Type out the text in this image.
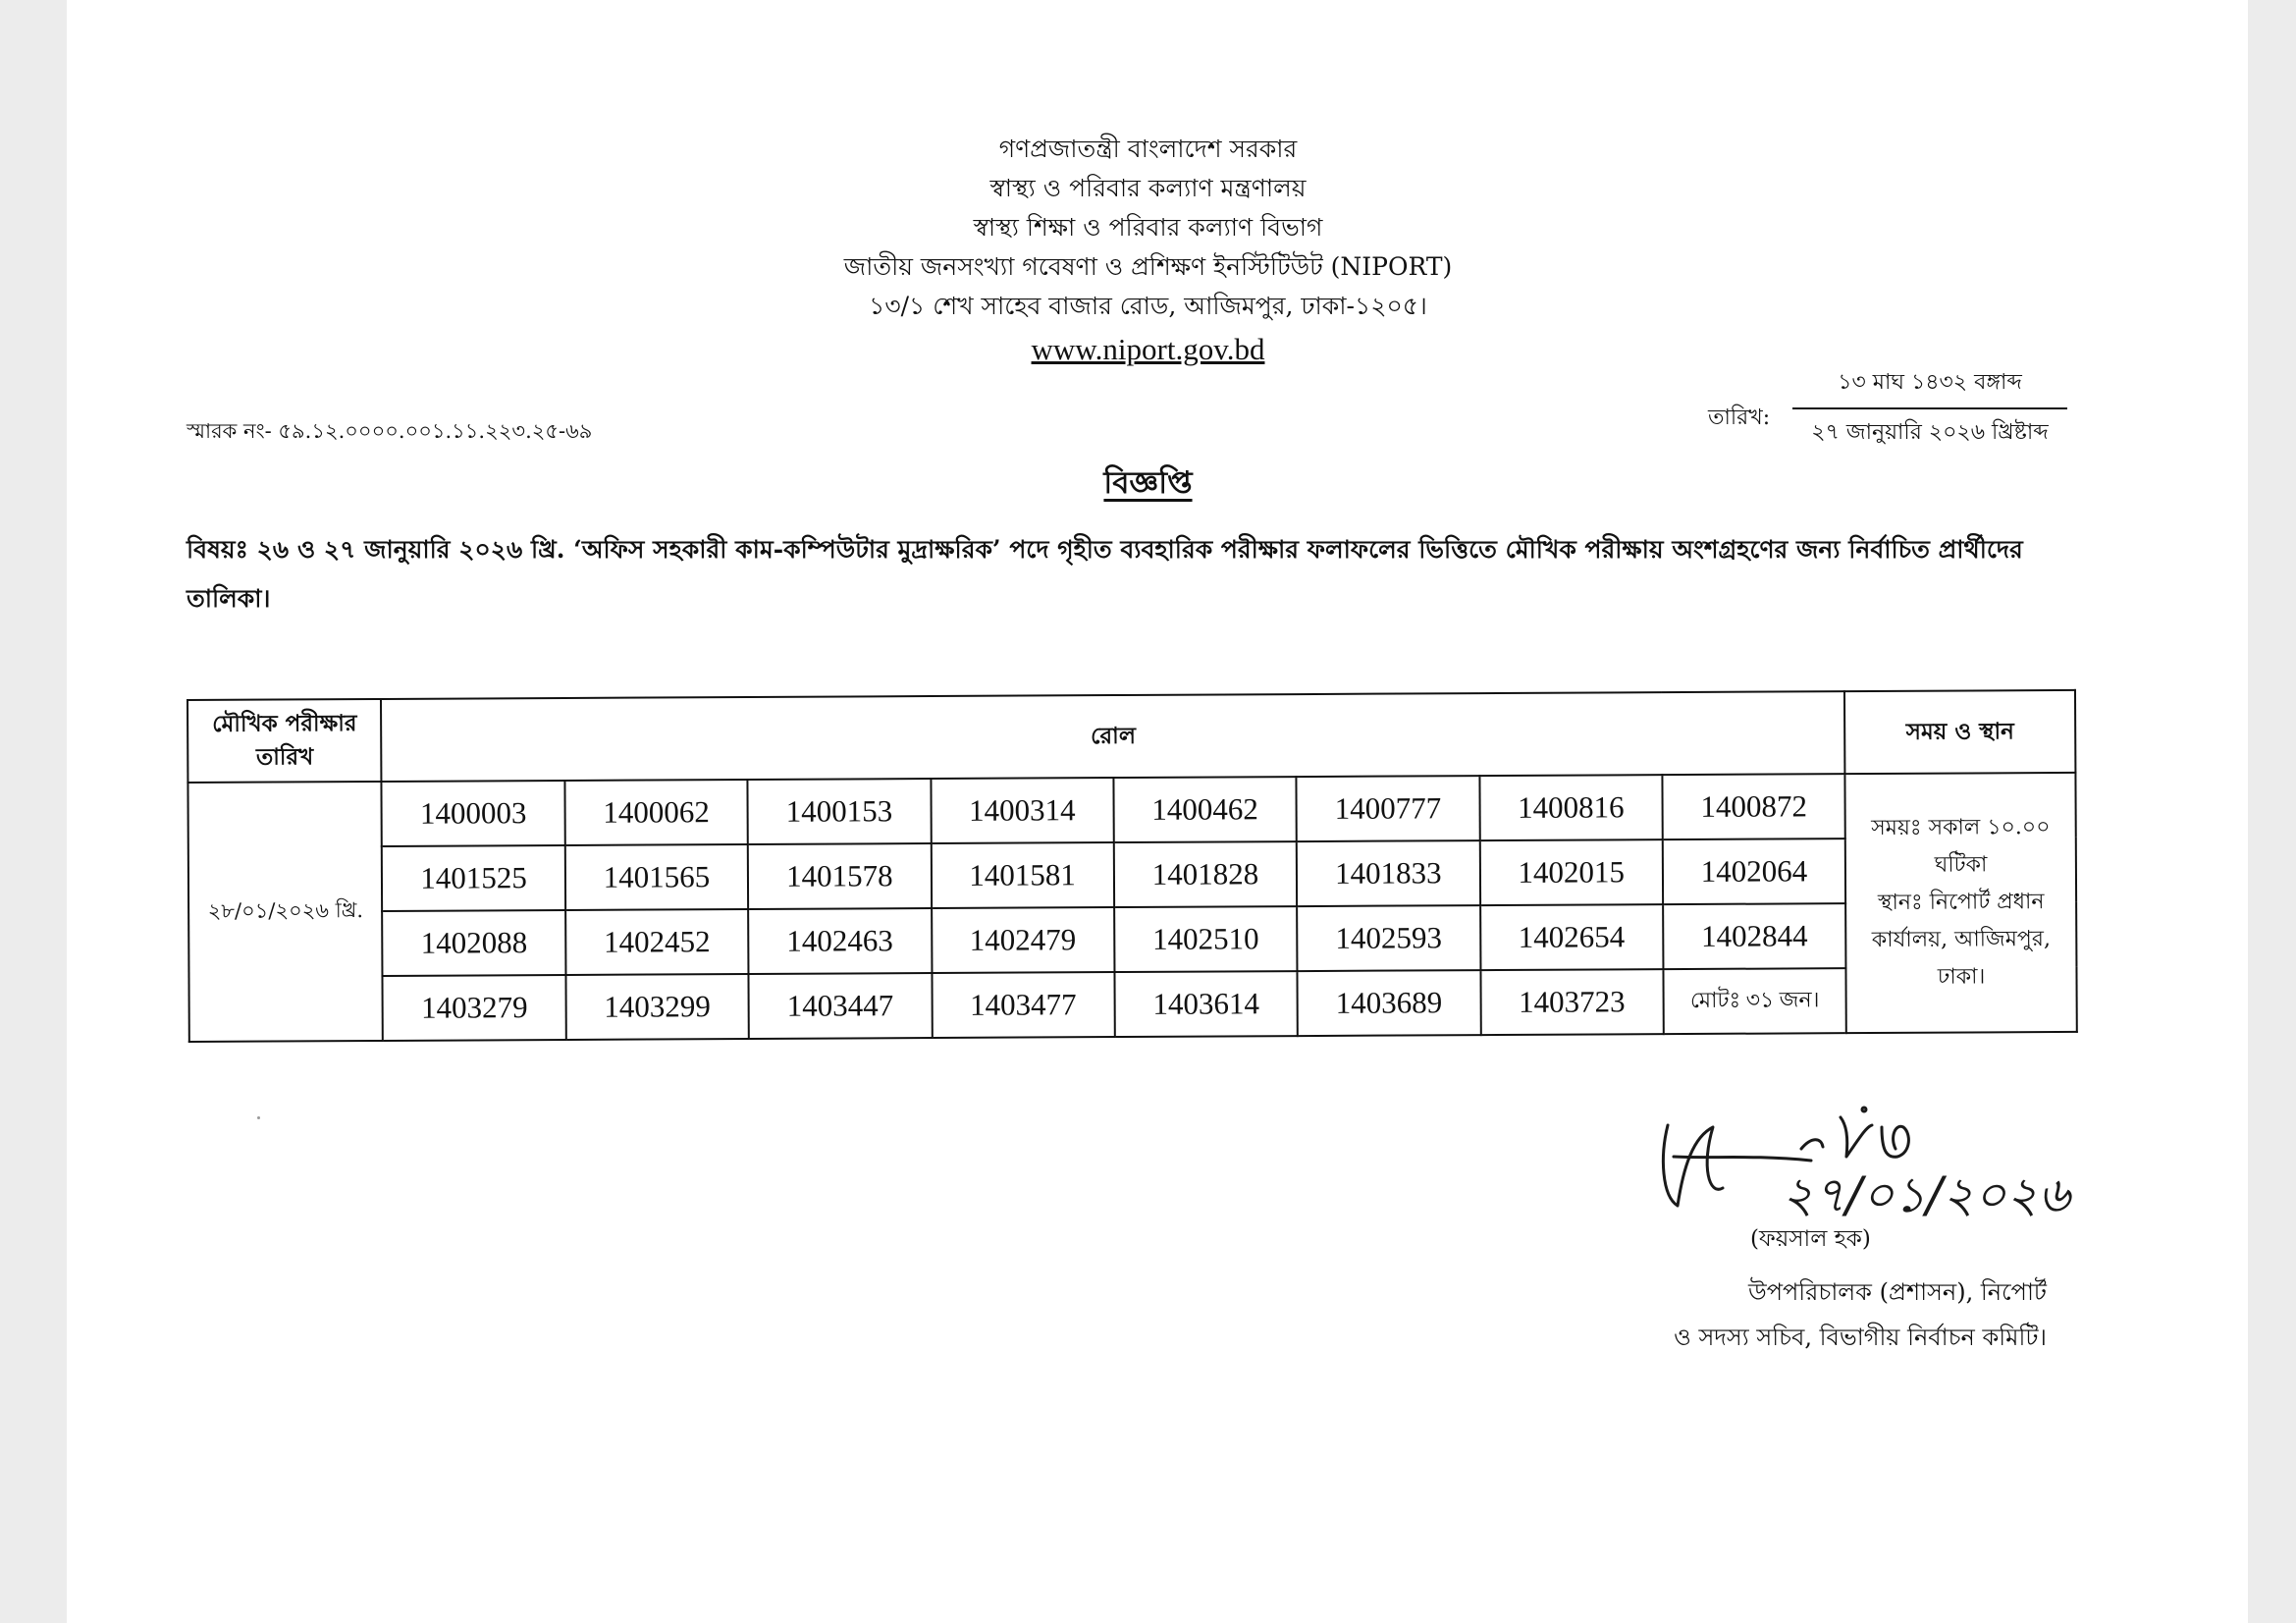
গণপ্রজাতন্ত্রী বাংলাদেশ সরকার
স্বাস্থ্য ও পরিবার কল্যাণ মন্ত্রণালয়
স্বাস্থ্য শিক্ষা ও পরিবার কল্যাণ বিভাগ
জাতীয় জনসংখ্যা গবেষণা ও প্রশিক্ষণ ইনস্টিটিউট (NIPORT)
১৩/১ শেখ সাহেব বাজার রোড, আজিমপুর, ঢাকা-১২০৫।
www.niport.gov.bd
স্মারক নং- ৫৯.১২.০০০০.০০১.১১.২২৩.২৫-৬৯
তারিখ:
১৩ মাঘ ১৪৩২ বঙ্গাব্দ
২৭ জানুয়ারি ২০২৬ খ্রিষ্টাব্দ
বিজ্ঞপ্তি
বিষয়ঃ ২৬ ও ২৭ জানুয়ারি ২০২৬ খ্রি. ‘অফিস সহকারী কাম-কম্পিউটার মুদ্রাক্ষরিক’ পদে গৃহীত ব্যবহারিক পরীক্ষার ফলাফলের ভিত্তিতে মৌখিক পরীক্ষায় অংশগ্রহণের জন্য নির্বাচিত প্রার্থীদের তালিকা।
মৌখিক পরীক্ষার তারিখ	রোল								সময় ও স্থান
২৮/০১/২০২৬ খ্রি.	1400003	1400062	1400153	1400314	1400462	1400777	1400816	1400872	সময়ঃ সকাল ১০.০০ ঘটিকা
স্থানঃ নিপোর্ট প্রধান কার্যালয়, আজিমপুর, ঢাকা।

	1401525	1401565	1401578	1401581	1401828	1401833	1402015	1402064	
	1402088	1402452	1402463	1402479	1402510	1402593	1402654	1402844	
	1403279	1403299	1403447	1403477	1403614	1403689	1403723	মোটঃ ৩১ জন।	
২৭/০১/২০২৬
(ফয়সাল হক)
উপপরিচালক (প্রশাসন), নিপোর্ট
ও সদস্য সচিব, বিভাগীয় নির্বাচন কমিটি।
